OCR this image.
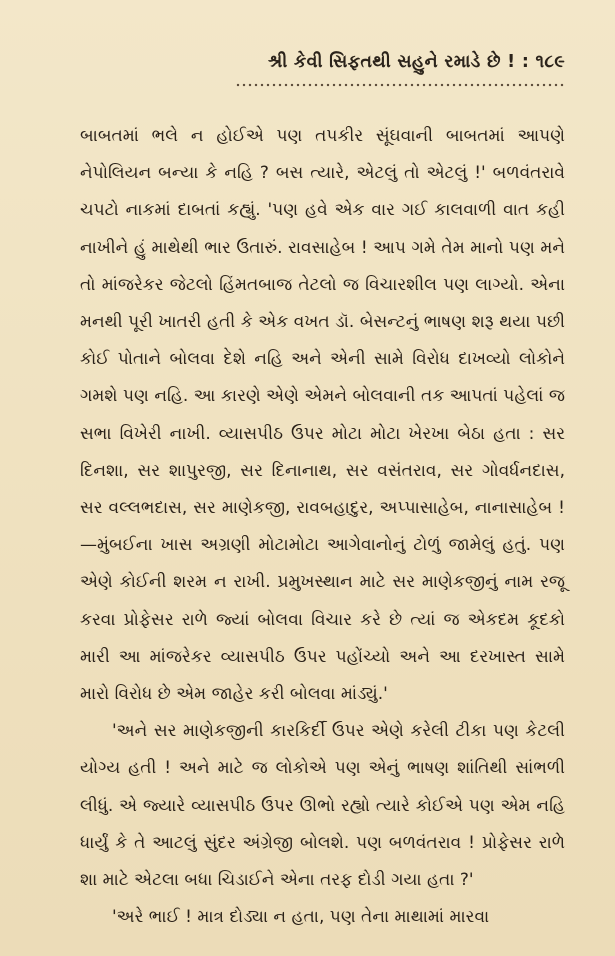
શ્રી કેવી સિફતથી સહુને રમાડે છે ! : ૧૮૯

બાબતમાં ભલે ન હોઈએ પણ તપકીર સૂંઘવાની બાબતમાં આપણે નેપોલિયન બન્યા કે નહિ ? બસ ત્યારે, એટલું તો એટલું !' બળવંતરાવે ચપટો નાકમાં દાબતાં કહ્યું. 'પણ હવે એક વાર ગઈ કાલવાળી વાત કહી નાખીને હું માથેથી ભાર ઉતારું. રાવસાહેબ ! આપ ગમે તેમ માનો પણ મને તો માંજરેકર જેટલો હિંમતબાજ તેટલો જ વિચારશીલ પણ લાગ્યો. એના મનથી પૂરી ખાતરી હતી કે એક વખત ડૉ. બેસન્ટનું ભાષણ શરૂ થયા પછી કોઈ પોતાને બોલવા દેશે નહિ અને એની સામે વિરોધ દાખવ્યો લોકોને ગમશે પણ નહિ. આ કારણે એણે એમને બોલવાની તક આપતાં પહેલાં જ સભા વિખેરી નાખી. વ્યાસપીઠ ઉપર મોટા મોટા ખેરખા બેઠા હતા : સર દિનશા, સર શાપુરજી, સર દિનાનાથ, સર વસંતરાવ, સર ગોવર્ધનદાસ, સર વલ્લભદાસ, સર માણેકજી, રાવબહાદુર, અપ્પાસાહેબ, નાનાસાહેબ !—મુંબઈના ખાસ અગ્રણી મોટામોટા આગેવાનોનું ટોળું જામેલું હતું. પણ એણે કોઈની શરમ ન રાખી. પ્રમુખસ્થાન માટે સર માણેકજીનું નામ રજૂ કરવા પ્રોફેસર રાળે જ્યાં બોલવા વિચાર કરે છે ત્યાં જ એકદમ કૂદકો મારી આ માંજરેકર વ્યાસપીઠ ઉપર પહોંચ્યો અને આ દરખાસ્ત સામે મારો વિરોધ છે એમ જાહેર કરી બોલવા માંડ્યું.'

'અને સર માણેકજીની કારકિર્દી ઉપર એણે કરેલી ટીકા પણ કેટલી યોગ્ય હતી ! અને માટે જ લોકોએ પણ એનું ભાષણ શાંતિથી સાંભળી લીધું. એ જ્યારે વ્યાસપીઠ ઉપર ઊભો રહ્યો ત્યારે કોઈએ પણ એમ નહિ ધાર્યું કે તે આટલું સુંદર અંગ્રેજી બોલશે. પણ બળવંતરાવ ! પ્રોફેસર રાળે શા માટે એટલા બધા ચિડાઈને એના તરફ દોડી ગયા હતા ?'

'અરે ભાઈ ! માત્ર દોડ્યા ન હતા, પણ તેના માથામાં મારવા
